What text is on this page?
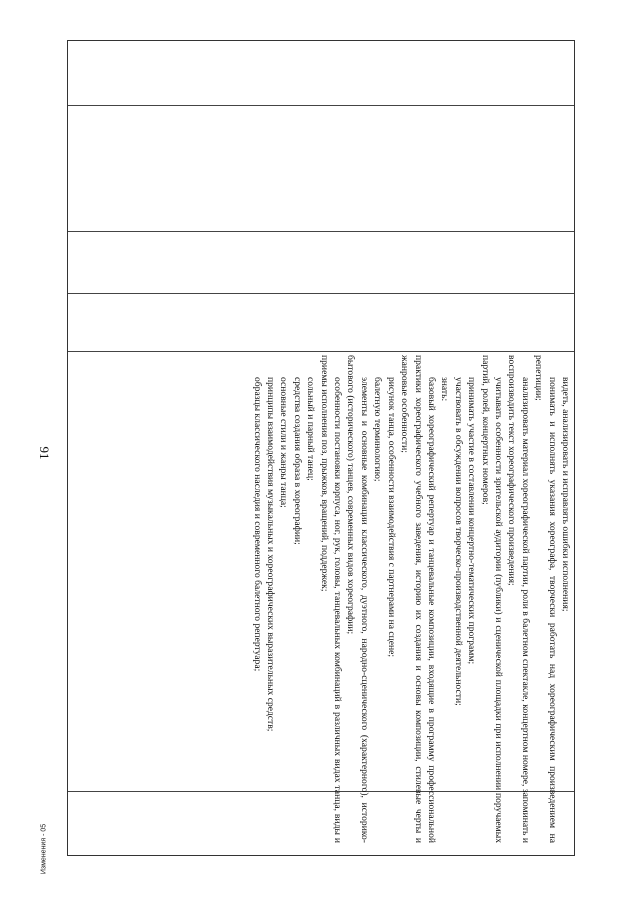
91	видеть, анализировать и исправлять ошибки исполнения;

понимать и исполнять указания хореографа, творчески работать над хореографическим произведением на репетиции;

анализировать материал хореографической партии, роли в балетном спектакле, концертном номере, запоминать и воспроизводить текст хореографического произведения;

учитывать особенности зрительской аудитории (публики) и сценической площадки при исполнении поручаемых партий, ролей, концертных номеров;

принимать участие в составлении концертно-тематических программ;

участвовать в обсуждении вопросов творческо-производственной деятельности;

знать:

базовый хореографический репертуар и танцевальные композиции, входящие в программу профессиональной практики хореографического учебного заведения, историю их создания и основы композиции, стилевые черты и жанровые особенности;

рисунок танца, особенности взаимодействия с партнерами на сцене;

балетную терминологию;

элементы и основные комбинации классического, дуэтного, народно-сценического (характерного), историко-бытового (исторического) танцев, современных видов хореографии;

особенности постановки корпуса, ног, рук, головы, танцевальных комбинаций в различных видах танца, виды и приемы исполнения поз, прыжков, вращений, поддержек;

сольный и парный танец;

средства создания образа в хореографии;

основные стили и жанры танца;

принципы взаимодействия музыкальных и хореографических выразительных средств;

образцы классического наследия и современного балетного репертуара;

Изменения - 05
